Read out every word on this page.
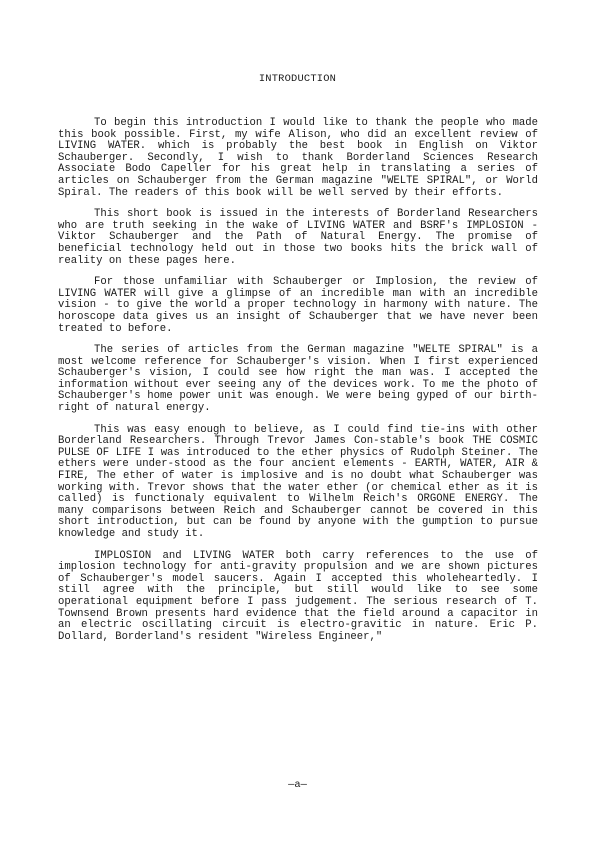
INTRODUCTION

To begin this introduction I would like to thank the people who made this book possible. First, my wife Alison, who did an excellent review of LIVING WATER. which is probably the best book in English on Viktor Schauberger. Secondly, I wish to thank Borderland Sciences Research Associate Bodo Capeller for his great help in translating a series of articles on Schauberger from the German magazine "WELTE SPIRAL", or World Spiral. The readers of this book will be well served by their efforts.

This short book is issued in the interests of Borderland Researchers who are truth seeking in the wake of LIVING WATER and BSRF's IMPLOSION - Viktor Schauberger and the Path of Natural Energy. The promise of beneficial technology held out in those two books hits the brick wall of reality on these pages here.

For those unfamiliar with Schauberger or Implosion, the review of LIVING WATER will give a glimpse of an incredible man with an incredible vision - to give the world a proper technology in harmony with nature. The horoscope data gives us an insight of Schauberger that we have never been treated to before.

The series of articles from the German magazine "WELTE SPIRAL" is a most welcome reference for Schauberger's vision. When I first experienced Schauberger's vision, I could see how right the man was. I accepted the information without ever seeing any of the devices work. To me the photo of Schauberger's home power unit was enough. We were being gyped of our birth-right of natural energy.

This was easy enough to believe, as I could find tie-ins with other Borderland Researchers. Through Trevor James Con-stable's book THE COSMIC PULSE OF LIFE I was introduced to the ether physics of Rudolph Steiner. The ethers were under-stood as the four ancient elements - EARTH, WATER, AIR & FIRE, The ether of water is implosive and is no doubt what Schauberger was working with. Trevor shows that the water ether (or chemical ether as it is called) is functionaly equivalent to Wilhelm Reich's ORGONE ENERGY. The many comparisons between Reich and Schauberger cannot be covered in this short introduction, but can be found by anyone with the gumption to pursue knowledge and study it.

IMPLOSION and LIVING WATER both carry references to the use of implosion technology for anti-gravity propulsion and we are shown pictures of Schauberger's model saucers. Again I accepted this wholeheartedly. I still agree with the principle, but still would like to see some operational equipment before I pass judgement. The serious research of T. Townsend Brown presents hard evidence that the field around a capacitor in an electric oscillating circuit is electro-gravitic in nature. Eric P. Dollard, Borderland's resident "Wireless Engineer,"

—a—
